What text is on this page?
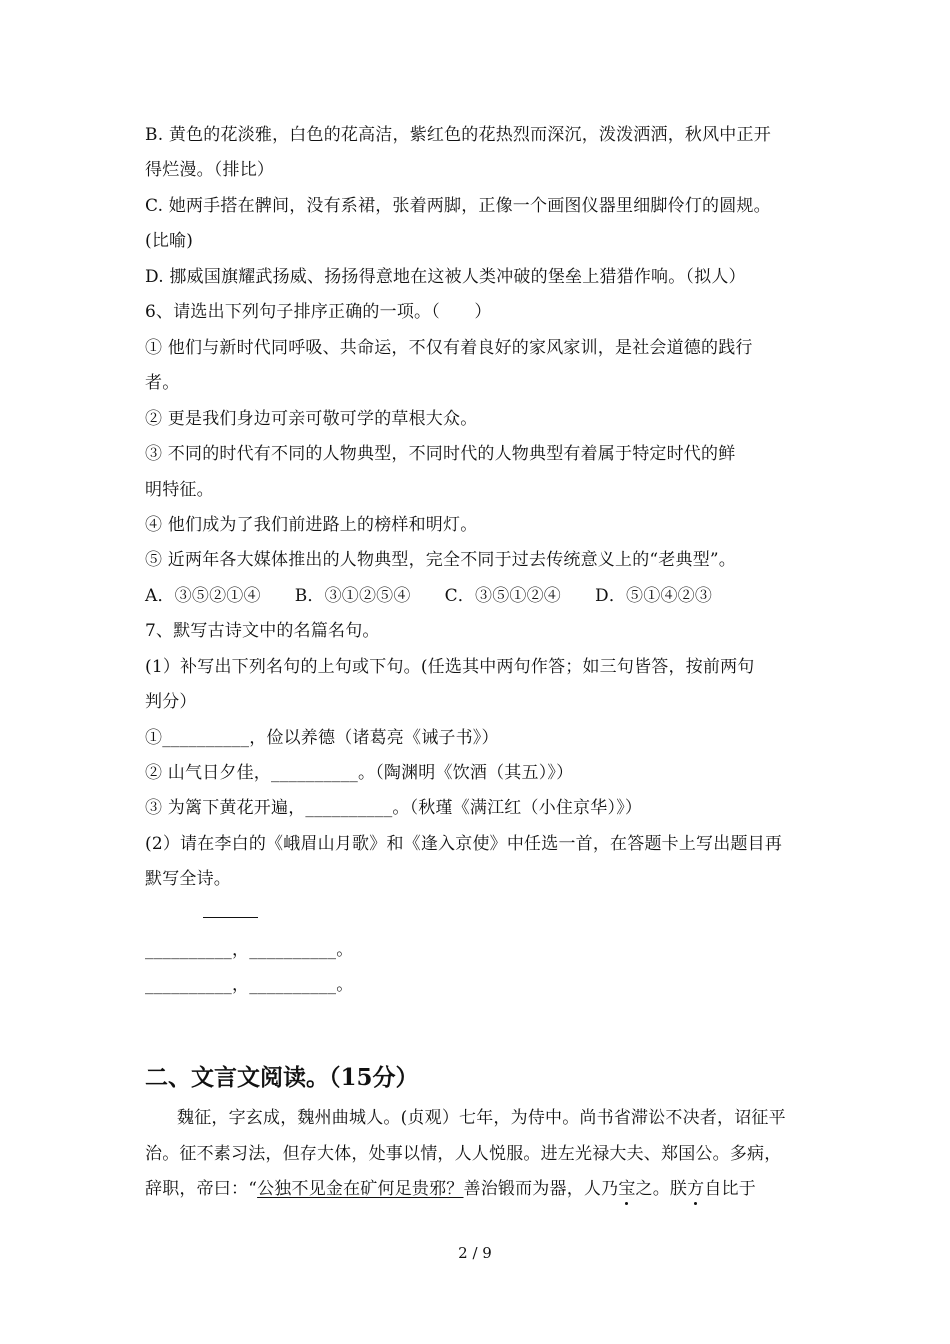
B. 黄色的花淡雅，白色的花高洁，紫红色的花热烈而深沉，泼泼洒洒，秋风中正开
得烂漫。（排比）
C. 她两手搭在髀间，没有系裙，张着两脚，正像一个画图仪器里细脚伶仃的圆规。
(比喻)
D. 挪威国旗耀武扬威、扬扬得意地在这被人类冲破的堡垒上猎猎作响。（拟人）
6、请选出下列句子排序正确的一项。（　　）
① 他们与新时代同呼吸、共命运，不仅有着良好的家风家训，是社会道德的践行
者。
② 更是我们身边可亲可敬可学的草根大众。
③ 不同的时代有不同的人物典型，不同时代的人物典型有着属于特定时代的鲜
明特征。
④ 他们成为了我们前进路上的榜样和明灯。
⑤ 近两年各大媒体推出的人物典型，完全不同于过去传统意义上的“老典型”。
A．③⑤②①④ B．③①②⑤④ C．③⑤①②④ D．⑤①④②③
7、默写古诗文中的名篇名句。
(1）补写出下列名句的上句或下句。(任选其中两句作答；如三句皆答，按前两句
判分）
①__________，俭以养德（诸葛亮《诫子书》）
② 山气日夕佳，__________。（陶渊明《饮酒（其五）》）
③ 为篱下黄花开遍，__________。（秋瑾《满江红（小住京华）》）
(2）请在李白的《峨眉山月歌》和《逢入京使》中任选一首，在答题卡上写出题目再
默写全诗。
__________，__________。
__________，__________。
二、文言文阅读。（15分）
魏征，字玄成，魏州曲城人。(贞观）七年，为侍中。尚书省滞讼不决者，诏征平
治。征不素习法，但存大体，处事以情，人人悦服。进左光禄大夫、郑国公。多病，
辞职，帝曰：“公独不见金在矿何足贵邪？善治锻而为器，人乃宝之。朕方自比于
2 / 9
